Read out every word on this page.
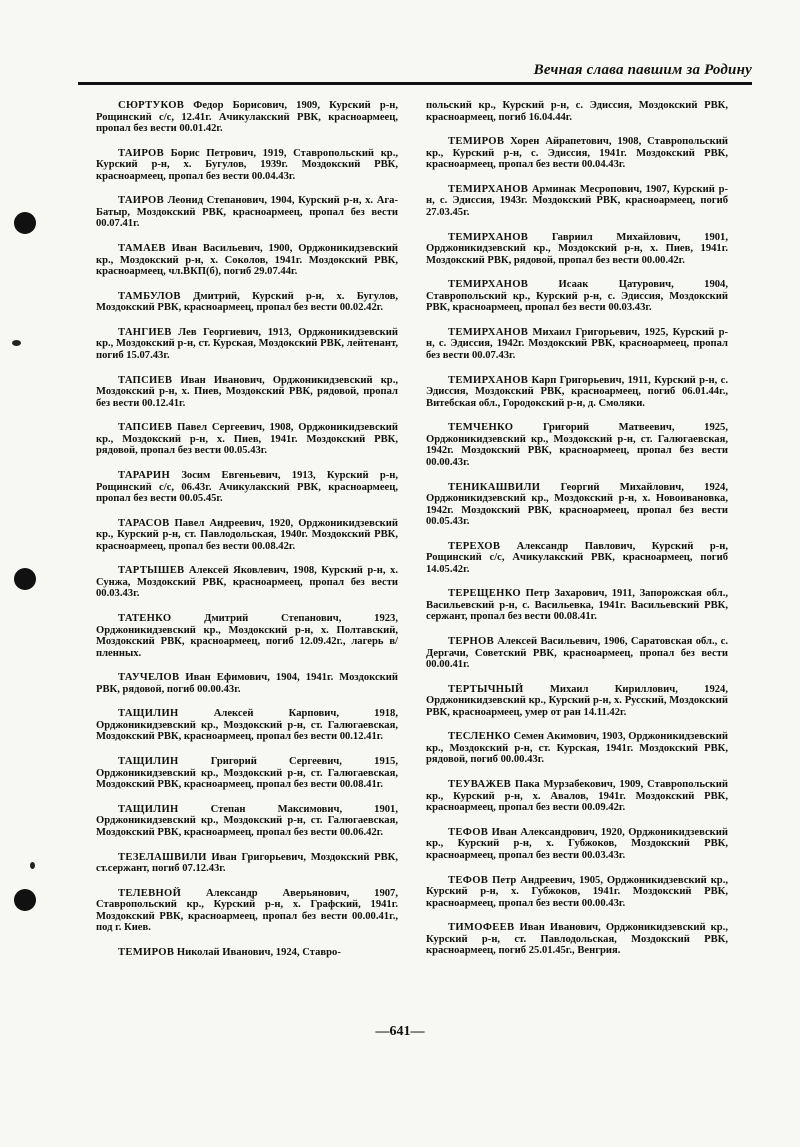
Вечная слава павшим за Родину

СЮРТУКОВ Федор Борисович, 1909, Курский р-н, Рощинский с/с, 12.41г. Ачикулакский РВК, красноармеец, пропал без вести 00.01.42г.

ТАИРОВ Борис Петрович, 1919, Ставропольский кр., Курский р-н, х. Бугулов, 1939г. Моздокский РВК, красноармеец, пропал без вести 00.04.43г.

ТАИРОВ Леонид Степанович, 1904, Курский р-н, х. Ага-Батыр, Моздокский РВК, красноармеец, пропал без вести 00.07.41г.

ТАМАЕВ Иван Васильевич, 1900, Орджоникидзевский кр., Моздокский р-н, х. Соколов, 1941г. Моздокский РВК, красноармеец, чл.ВКП(б), погиб 29.07.44г.

ТАМБУЛОВ Дмитрий, Курский р-н, х. Бугулов, Моздокский РВК, красноармеец, пропал без вести 00.02.42г.

ТАНГИЕВ Лев Георгиевич, 1913, Орджоникидзевский кр., Моздокский р-н, ст. Курская, Моздокский РВК, лейтенант, погиб 15.07.43г.

ТАПСИЕВ Иван Иванович, Орджоникидзевский кр., Моздокский р-н, х. Пиев, Моздокский РВК, рядовой, пропал без вести 00.12.41г.

ТАПСИЕВ Павел Сергеевич, 1908, Орджоникидзевский кр., Моздокский р-н, х. Пиев, 1941г. Моздокский РВК, рядовой, пропал без вести 00.05.43г.

ТАРАРИН Зосим Евгеньевич, 1913, Курский р-н, Рощинский с/с, 06.43г. Ачикулакский РВК, красноармеец, пропал без вести 00.05.45г.

ТАРАСОВ Павел Андреевич, 1920, Орджоникидзевский кр., Курский р-н, ст. Павлодольская, 1940г. Моздокский РВК, красноармеец, пропал без вести 00.08.42г.

ТАРТЫШЕВ Алексей Яковлевич, 1908, Курский р-н, х. Сунжа, Моздокский РВК, красноармеец, пропал без вести 00.03.43г.

ТАТЕНКО	Дмитрий Степанович, 1923, Орджоникидзевский кр., Моздокский р-н, х. Полтавский, Моздокский РВК, красноармеец, погиб 12.09.42г., лагерь в/пленных.

ТАУЧЕЛОВ Иван Ефимович, 1904, 1941г. Моздокский РВК, рядовой, погиб 00.00.43г.

ТАЩИЛИН	Алексей Карпович, 1918, Орджоникидзевский кр., Моздокский р-н, ст. Галюгаевская, Моздокский РВК, красноармеец, пропал без вести 00.12.41г.

ТАЩИЛИН	Григорий Сергеевич, 1915, Орджоникидзевский кр., Моздокский р-н, ст. Галюгаевская, Моздокский РВК, красноармеец, пропал без вести 00.08.41г.

ТАЩИЛИН	Степан Максимович, 1901, Орджоникидзевский кр., Моздокский р-н, ст. Галюгаевская, Моздокский РВК, красноармеец, пропал без вести 00.06.42г.

ТЕЗЕЛАШВИЛИ Иван Григорьевич, Моздокский РВК, ст.сержант, погиб 07.12.43г.

ТЕЛЕВНОЙ Александр Аверьянович, 1907, Ставропольский кр., Курский р-н, х. Графский, 1941г. Моздокский РВК, красноармеец, пропал без вести 00.00.41г., под г. Киев.

ТЕМИРОВ Николай Иванович, 1924, Ставро-

польский кр., Курский р-н, с. Эдиссия, Моздокский РВК, красноармеец, погиб 16.04.44г.

ТЕМИРОВ Хорен Айрапетович, 1908, Ставропольский кр., Курский р-н, с. Эдиссия, 1941г. Моздокский РВК, красноармеец, пропал без вести 00.04.43г.

ТЕМИРХАНОВ Арминак Месропович, 1907, Курский р-н, с. Эдиссия, 1943г. Моздокский РВК, красноармеец, погиб 27.03.45г.

ТЕМИРХАНОВ Гавриил Михайлович, 1901, Орджоникидзевский кр., Моздокский р-н, х. Пиев, 1941г. Моздокский РВК, рядовой, пропал без вести 00.00.42г.

ТЕМИРХАНОВ	Исаак Цатурович, 1904, Ставропольский кр., Курский р-н, с. Эдиссия, Моздокский РВК, красноармеец, пропал без вести 00.03.43г.

ТЕМИРХАНОВ Михаил Григорьевич, 1925, Курский р-н, с. Эдиссия, 1942г. Моздокский РВК, красноармеец, пропал без вести 00.07.43г.

ТЕМИРХАНОВ Карп Григорьевич, 1911, Курский р-н, с. Эдиссия, Моздокский РВК, красноармеец, погиб 06.01.44г., Витебская обл., Городокский р-н, д. Смоляки.

ТЕМЧЕНКО	Григорий Матвеевич, 1925, Орджоникидзевский кр., Моздокский р-н, ст. Галюгаевская, 1942г. Моздокский РВК, красноармеец, пропал без вести 00.00.43г.

ТЕНИКАШВИЛИ Георгий Михайлович, 1924, Орджоникидзевский кр., Моздокский р-н, х. Новоивановка, 1942г. Моздокский РВК, красноармеец, пропал без вести 00.05.43г.

ТЕРЕХОВ Александр Павлович, Курский р-н, Рощинский с/с, Ачикулакский РВК, красноармеец, погиб 14.05.42г.

ТЕРЕЩЕНКО Петр Захарович, 1911, Запорожская обл., Васильевский р-н, с. Васильевка, 1941г. Васильевский РВК, сержант, пропал без вести 00.08.41г.

ТЕРНОВ Алексей Васильевич, 1906, Саратовская обл., с. Дергачи, Советский РВК, красноармеец, пропал без вести 00.00.41г.

ТЕРТЫЧНЫЙ Михаил Кириллович, 1924, Орджоникидзевский кр., Курский р-н, х. Русский, Моздокский РВК, красноармеец, умер от ран 14.11.42г.

ТЕСЛЕНКО Семен Акимович, 1903, Орджоникидзевский кр., Моздокский р-н, ст. Курская, 1941г. Моздокский РВК, рядовой, погиб 00.00.43г.

ТЕУВАЖЕВ Пака Мурзабекович, 1909, Ставропольский кр., Курский р-н, х. Авалов, 1941г. Моздокский РВК, красноармеец, пропал без вести 00.09.42г.

ТЕФОВ Иван Александрович, 1920, Орджоникидзевский кр., Курский р-н, х. Губжоков, Моздокский РВК, красноармеец, пропал без вести 00.03.43г.

ТЕФОВ Петр Андреевич, 1905, Орджоникидзевский кр., Курский р-н, х. Губжоков, 1941г. Моздокский РВК, красноармеец, пропал без вести 00.00.43г.

ТИМОФЕЕВ Иван Иванович, Орджоникидзевский кр., Курский р-н, ст. Павлодольская, Моздокский РВК, красноармеец, погиб 25.01.45г., Венгрия.

—641—
